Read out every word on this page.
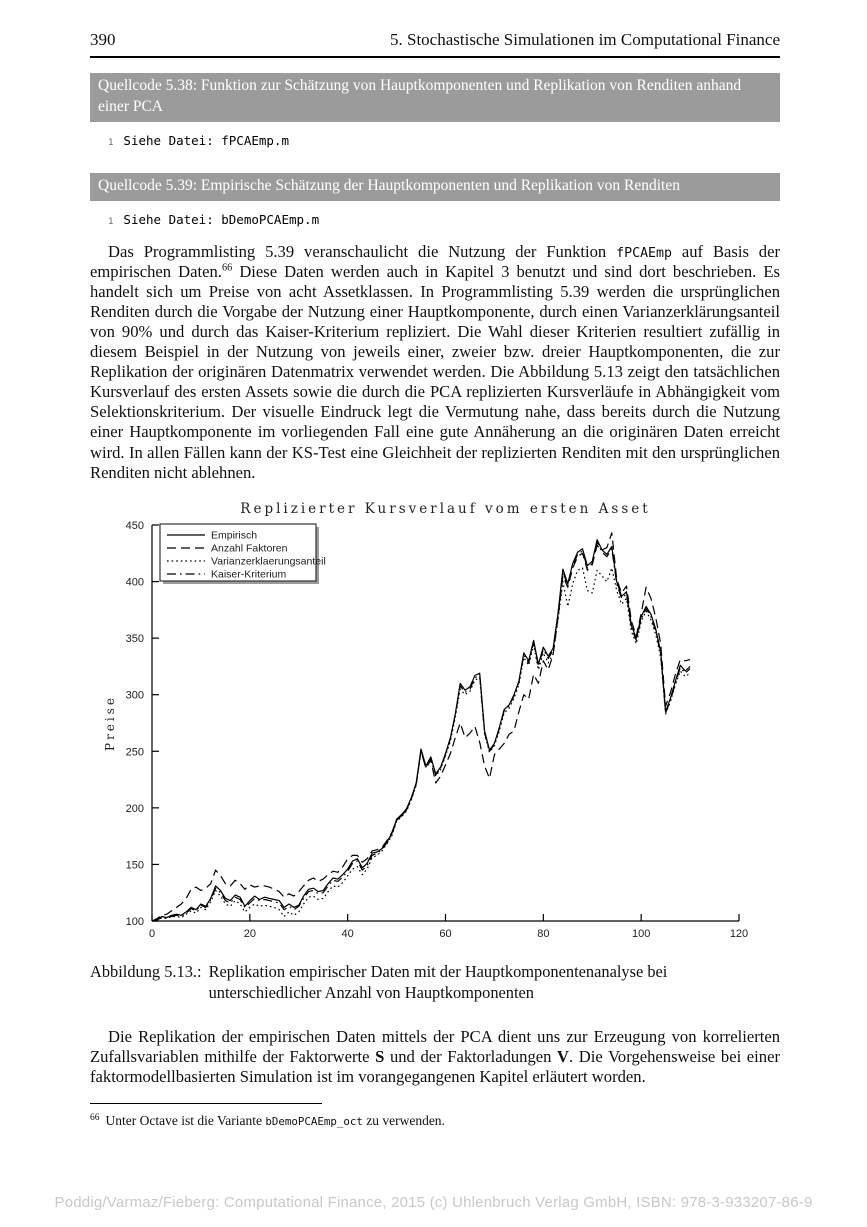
390	5. Stochastische Simulationen im Computational Finance
Quellcode 5.38: Funktion zur Schätzung von Hauptkomponenten und Replikation von Renditen anhand einer PCA
1 Siehe Datei: fPCAEmp.m
Quellcode 5.39: Empirische Schätzung der Hauptkomponenten und Replikation von Renditen
1 Siehe Datei: bDemoPCAEmp.m
Das Programmlisting 5.39 veranschaulicht die Nutzung der Funktion fPCAEmp auf Basis der empirischen Daten.$^{66}$ Diese Daten werden auch in Kapitel 3 benutzt und sind dort beschrieben. Es handelt sich um Preise von acht Assetklassen. In Programmlisting 5.39 werden die ursprünglichen Renditen durch die Vorgabe der Nutzung einer Hauptkomponente, durch einen Varianzerklärungsanteil von 90% und durch das Kaiser-Kriterium repliziert. Die Wahl dieser Kriterien resultiert zufällig in diesem Beispiel in der Nutzung von jeweils einer, zweier bzw. dreier Hauptkomponenten, die zur Replikation der originären Datenmatrix verwendet werden. Die Abbildung 5.13 zeigt den tatsächlichen Kursverlauf des ersten Assets sowie die durch die PCA replizierten Kursverläufe in Abhängigkeit vom Selektionskriterium. Der visuelle Eindruck legt die Vermutung nahe, dass bereits durch die Nutzung einer Hauptkomponente im vorliegenden Fall eine gute Annäherung an die originären Daten erreicht wird. In allen Fällen kann der KS-Test eine Gleichheit der replizierten Renditen mit den ursprünglichen Renditen nicht ablehnen.
Replizierter Kursverlauf vom ersten Asset
Preise
100
150
200
250
300
350
400
450
0	20	40	60	80	100	120
Empirisch
Anzahl Faktoren
Varianzerklaerungsanteil
Kaiser-Kriterium
Abbildung 5.13.: Replikation empirischer Daten mit der Hauptkomponentenanalyse bei unterschiedlicher Anzahl von Hauptkomponenten
Die Replikation der empirischen Daten mittels der PCA dient uns zur Erzeugung von korrelierten Zufallsvariablen mithilfe der Faktorwerte S und der Faktorladungen V. Die Vorgehensweise bei einer faktormodellbasierten Simulation ist im vorangegangenen Kapitel erläutert worden.
$^{66}$ Unter Octave ist die Variante bDemoPCAEmp_oct zu verwenden.
Poddig/Varmaz/Fieberg: Computational Finance, 2015 (c) Uhlenbruch Verlag GmbH, ISBN: 978-3-933207-86-9
